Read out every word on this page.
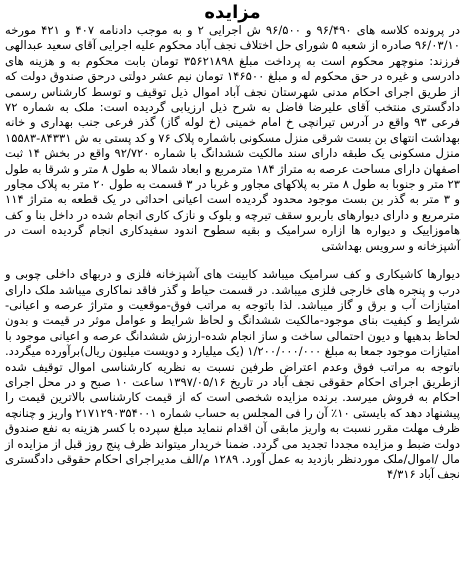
مزایده

در پرونده کلاسه های ۹۶/۴۹۰ و ۹۶/۵۰۰ ش اجرایی ۲ و به موجب دادنامه ۴۰۷ و ۴۲۱ مورخه ۹۶/۰۳/۱۰ صادره از شعبه ۵ شورای حل اختلاف نجف آباد محکوم علیه اجرایی آقای سعید عبدالهی فرزند: منوچهر محکوم است به پرداخت مبلغ ۳۵۶۲۱۸۹۸ تومان بابت محکوم به و هزینه های دادرسی و غیره در حق محکوم له و مبلغ ۱۴۶۵۰۰ تومان نیم عشر دولتی درحق صندوق دولت که از طریق اجرای احکام مدنی شهرستان نجف آباد اموال ذیل توقیف و توسط کارشناس رسمی دادگستری منتخب آقای علیرضا فاضل به شرح ذیل ارزیابی گردیده است: ملک به شماره ۷۲ فرعی ۹۳ واقع در آدرس تیرانچی خ امام خمینی (خ لوله گاز) گذر فرعی جنب بهداری و خانه بهداشت انتهای بن بست شرقی منزل مسکونی باشماره پلاک ۷۶ و کد پستی به ش ۸۴۳۳۱-۱۵۵۸۳ منزل مسکونی یک طبقه دارای سند مالکیت ششدانگ با شماره ۹۲/۷۲۰ واقع در بخش ۱۴ ثبت اصفهان دارای مساحت عرصه به متراژ ۱۸۴ مترمربع و ابعاد شمالا به طول ۸ متر و شرقا به طول ۲۳ متر و جنوبا به طول ۸ متر به پلاکهای مجاور و غربا در ۳ قسمت به طول ۲۰ متر به پلاک مجاور و ۳ متر به گذر بن بست موجود محدود گردیده است اعیانی احداثی در یک قطعه به متراژ ۱۱۴ مترمربع و دارای دیوارهای باربرو سقف تیرچه و بلوک و نازک کاری انجام شده در داخل بنا و کف هاموزاییک و دیواره ها ازاره سرامیک و بقیه سطوح اندود سفیدکاری انجام گردیده است در آشپزخانه و سرویس بهداشتی

دیوارها کاشیکاری و کف سرامیک میباشد کابینت های آشپزخانه فلزی و دربهای داخلی چوبی و درب و پنجره های خارجی فلزی میباشد. در قسمت حیاط و گذر فاقد نماکاری میباشد ملک دارای امتیازات آب و برق و گاز میباشد. لذا باتوجه به مراتب فوق-موقعیت و متراژ عرصه و اعیانی-شرایط و کیفیت بنای موجود-مالکیت ششدانگ و لحاظ شرایط و عوامل موثر در قیمت و بدون لحاظ بدهیها و دیون احتمالی ساخت و ساز انجام شده-ارزش ششدانگ عرصه و اعیانی موجود با امتیازات موجود جمعا به مبلغ ۱/۲۰۰/۰۰۰/۰۰۰ (یک میلیارد و دویست میلیون ریال)برآورده میگردد. باتوجه به مراتب فوق وعدم اعتراض طرفین نسبت به نظریه کارشناسی اموال توقیف شده ازطریق اجرای احکام حقوقی نجف آباد در تاریخ ۱۳۹۷/۰۵/۱۶ ساعت ۱۰ صبح و در محل اجرای احکام به فروش میرسد. برنده مزایده شخصی است که از قیمت کارشناسی بالاترین قیمت را پیشنهاد دهد که بایستی ۱۰٪ آن را فی المجلس به حساب شماره ۲۱۷۱۲۹۰۳۵۴۰۰۱ واریز و چنانچه ظرف مهلت مقرر نسبت به واریز مابقی آن اقدام ننماید مبلغ سپرده با کسر هزینه به نفع صندوق دولت ضبط و مزایده مجددا تجدید می گردد. ضمنا خریدار میتواند ظرف پنج روز قبل از مزایده از مال /اموال/ملک موردنظر بازدید به عمل آورد. ۱۲۸۹ م/الف مدیراجرای احکام حقوقی دادگستری نجف آباد ۴/۳۱۶
